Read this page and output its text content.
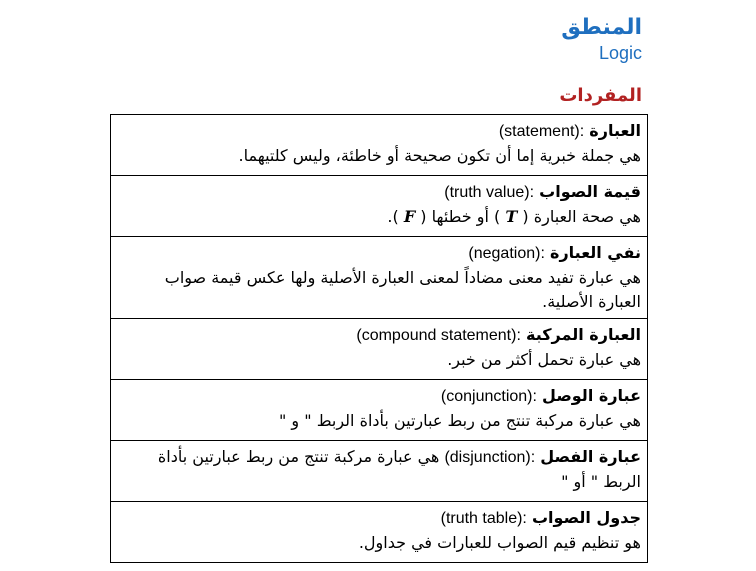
المنطق
Logic
المفردات
العبارة (statement):
هي جملة خبرية إما أن تكون صحيحة أو خاطئة، وليس كلتيهما.

قيمة الصواب (truth value):
هي صحة العبارة ( T ) أو خطئها ( F ).

نفي العبارة (negation):
هي عبارة تفيد معنى مضاداً لمعنى العبارة الأصلية ولها عكس قيمة صواب العبارة الأصلية.

العبارة المركبة (compound statement):
هي عبارة تحمل أكثر من خبر.

عبارة الوصل (conjunction):
هي عبارة مركبة تنتج من ربط عبارتين بأداة الربط " و "

عبارة الفصل (disjunction): هي عبارة مركبة تنتج من ربط عبارتين بأداة الربط " أو "

جدول الصواب (truth table):
هو تنظيم قيم الصواب للعبارات في جداول.
